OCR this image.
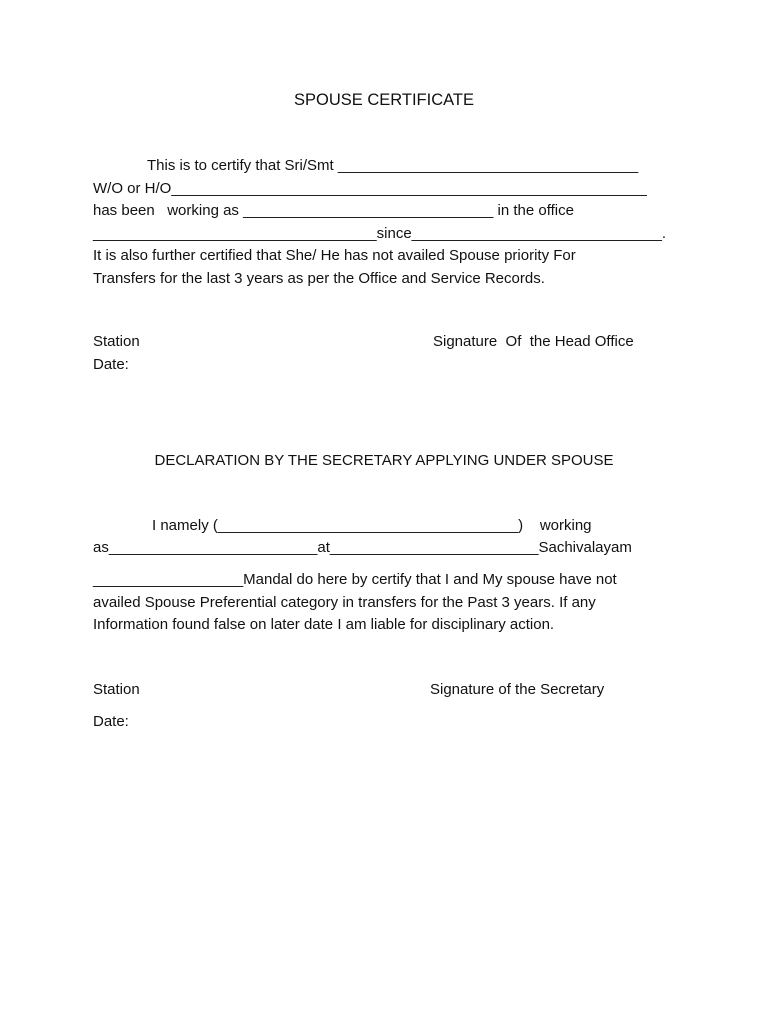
SPOUSE CERTIFICATE
This is to certify that Sri/Smt ____________________________________
W/O or H/O_________________________________________________________
has been   working as ______________________________ in the office
__________________________________since______________________________.
It is also further certified that She/ He has not availed Spouse priority For
Transfers for the last 3 years as per the Office and Service Records.
Station	Signature  Of  the Head Office
Date:
DECLARATION BY THE SECRETARY APPLYING UNDER SPOUSE
I namely (____________________________________)    working
as_________________________at_________________________Sachivalayam
__________________Mandal do here by certify that I and My spouse have not
availed Spouse Preferential category in transfers for the Past 3 years. If any
Information found false on later date I am liable for disciplinary action.
Station	Signature of the Secretary
Date:
